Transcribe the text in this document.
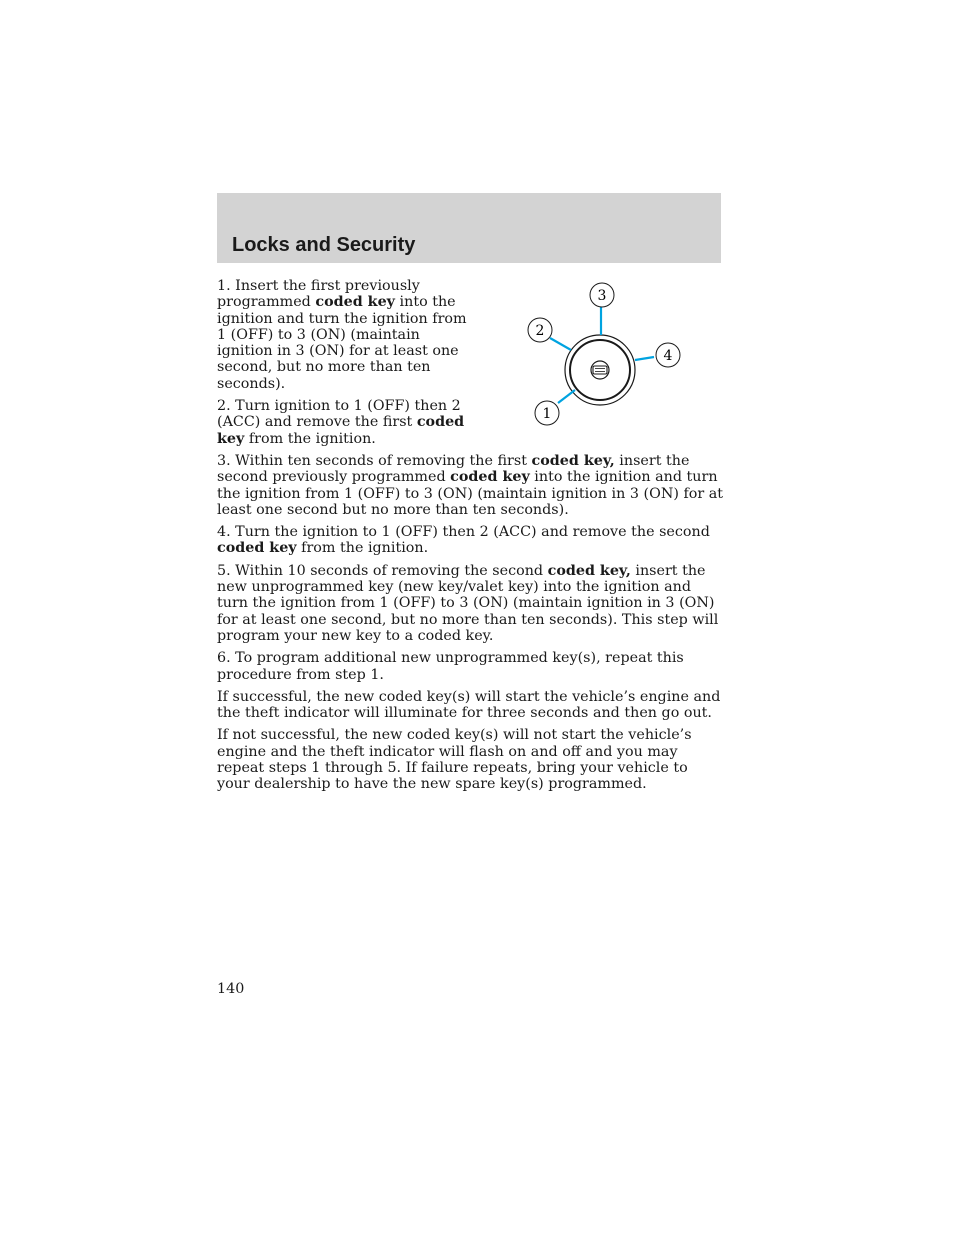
Locks and Security

1. Insert the first previously programmed coded key into the ignition and turn the ignition from 1 (OFF) to 3 (ON) (maintain ignition in 3 (ON) for at least one second, but no more than ten seconds).

2. Turn ignition to 1 (OFF) then 2 (ACC) and remove the first coded key from the ignition.

3. Within ten seconds of removing the first coded key, insert the second previously programmed coded key into the ignition and turn the ignition from 1 (OFF) to 3 (ON) (maintain ignition in 3 (ON) for at least one second but no more than ten seconds).

4. Turn the ignition to 1 (OFF) then 2 (ACC) and remove the second coded key from the ignition.

5. Within 10 seconds of removing the second coded key, insert the new unprogrammed key (new key/valet key) into the ignition and turn the ignition from 1 (OFF) to 3 (ON) (maintain ignition in 3 (ON) for at least one second, but no more than ten seconds). This step will program your new key to a coded key.

6. To program additional new unprogrammed key(s), repeat this procedure from step 1.

If successful, the new coded key(s) will start the vehicle’s engine and the theft indicator will illuminate for three seconds and then go out.

If not successful, the new coded key(s) will not start the vehicle’s engine and the theft indicator will flash on and off and you may repeat steps 1 through 5. If failure repeats, bring your vehicle to your dealership to have the new spare key(s) programmed.

3
2
4
1
140
